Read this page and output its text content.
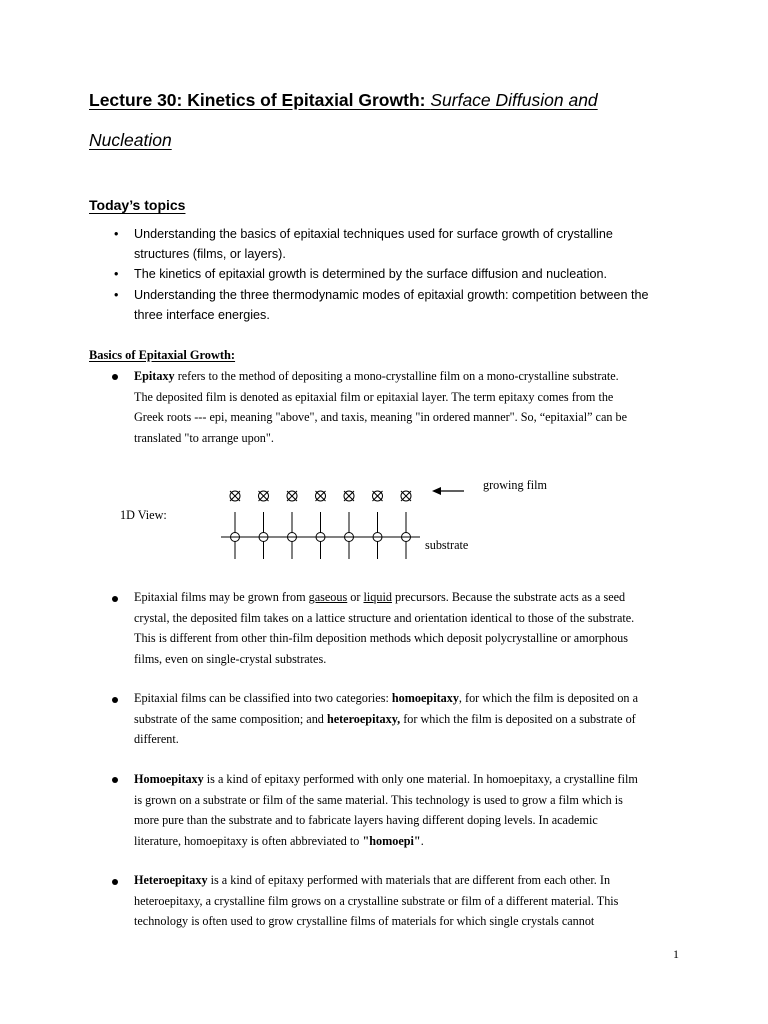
Lecture 30: Kinetics of Epitaxial Growth: Surface Diffusion and
Nucleation
Today’s topics
•	Understanding the basics of epitaxial techniques used for surface growth of crystalline
structures (films, or layers).
•	The kinetics of epitaxial growth is determined by the surface diffusion and nucleation.
•	Understanding the three thermodynamic modes of epitaxial growth: competition between the
three interface energies.
Basics of Epitaxial Growth:
Epitaxy refers to the method of depositing a mono-crystalline film on a mono-crystalline substrate.
The deposited film is denoted as epitaxial film or epitaxial layer. The term epitaxy comes from the
Greek roots --- epi, meaning "above", and taxis, meaning "in ordered manner". So, “epitaxial” can be
translated "to arrange upon".
1D View:
growing film
substrate
Epitaxial films may be grown from gaseous or liquid precursors. Because the substrate acts as a seed
crystal, the deposited film takes on a lattice structure and orientation identical to those of the substrate.
This is different from other thin-film deposition methods which deposit polycrystalline or amorphous
films, even on single-crystal substrates.
Epitaxial films can be classified into two categories: homoepitaxy, for which the film is deposited on a
substrate of the same composition; and heteroepitaxy, for which the film is deposited on a substrate of
different.
Homoepitaxy is a kind of epitaxy performed with only one material. In homoepitaxy, a crystalline film
is grown on a substrate or film of the same material. This technology is used to grow a film which is
more pure than the substrate and to fabricate layers having different doping levels. In academic
literature, homoepitaxy is often abbreviated to "homoepi".
Heteroepitaxy is a kind of epitaxy performed with materials that are different from each other. In
heteroepitaxy, a crystalline film grows on a crystalline substrate or film of a different material. This
technology is often used to grow crystalline films of materials for which single crystals cannot
1
